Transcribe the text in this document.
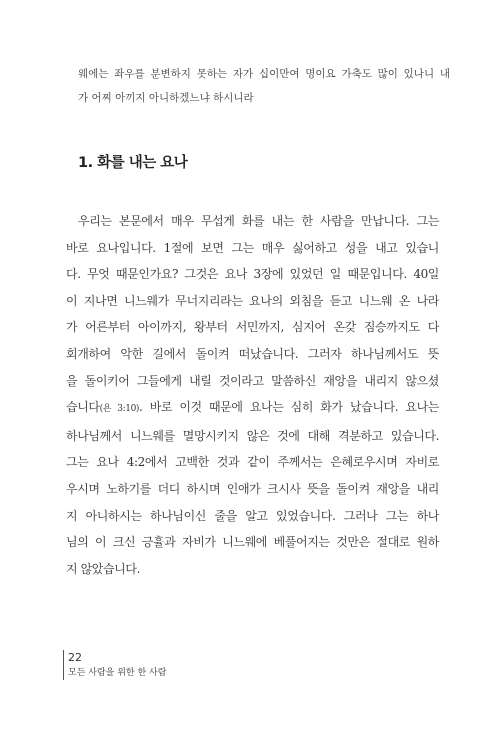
웨에는 좌우를 분변하지 못하는 자가 십이만여 명이요 가축도 많이 있나니 내
가 어찌 아끼지 아니하겠느냐 하시니라
1. 화를 내는 요나
우리는 본문에서 매우 무섭게 화를 내는 한 사람을 만납니다. 그는
바로 요나입니다. 1절에 보면 그는 매우 싫어하고 성을 내고 있습니
다. 무엇 때문인가요? 그것은 요나 3장에 있었던 일 때문입니다. 40일
이 지나면 니느웨가 무너지리라는 요나의 외침을 듣고 니느웨 온 나라
가 어른부터 아이까지, 왕부터 서민까지, 심지어 온갖 짐승까지도 다
회개하여 악한 길에서 돌이켜 떠났습니다. 그러자 하나님께서도 뜻
을 돌이키어 그들에게 내릴 것이라고 말씀하신 재앙을 내리지 않으셨
습니다(욘 3:10). 바로 이것 때문에 요나는 심히 화가 났습니다. 요나는
하나님께서 니느웨를 멸망시키지 않은 것에 대해 격분하고 있습니다.
그는 요나 4:2에서 고백한 것과 같이 주께서는 은혜로우시며 자비로
우시며 노하기를 더디 하시며 인애가 크시사 뜻을 돌이켜 재앙을 내리
지 아니하시는 하나님이신 줄을 알고 있었습니다. 그러나 그는 하나
님의 이 크신 긍휼과 자비가 니느웨에 베풀어지는 것만은 절대로 원하
지 않았습니다.
22
모든 사람을 위한 한 사람
